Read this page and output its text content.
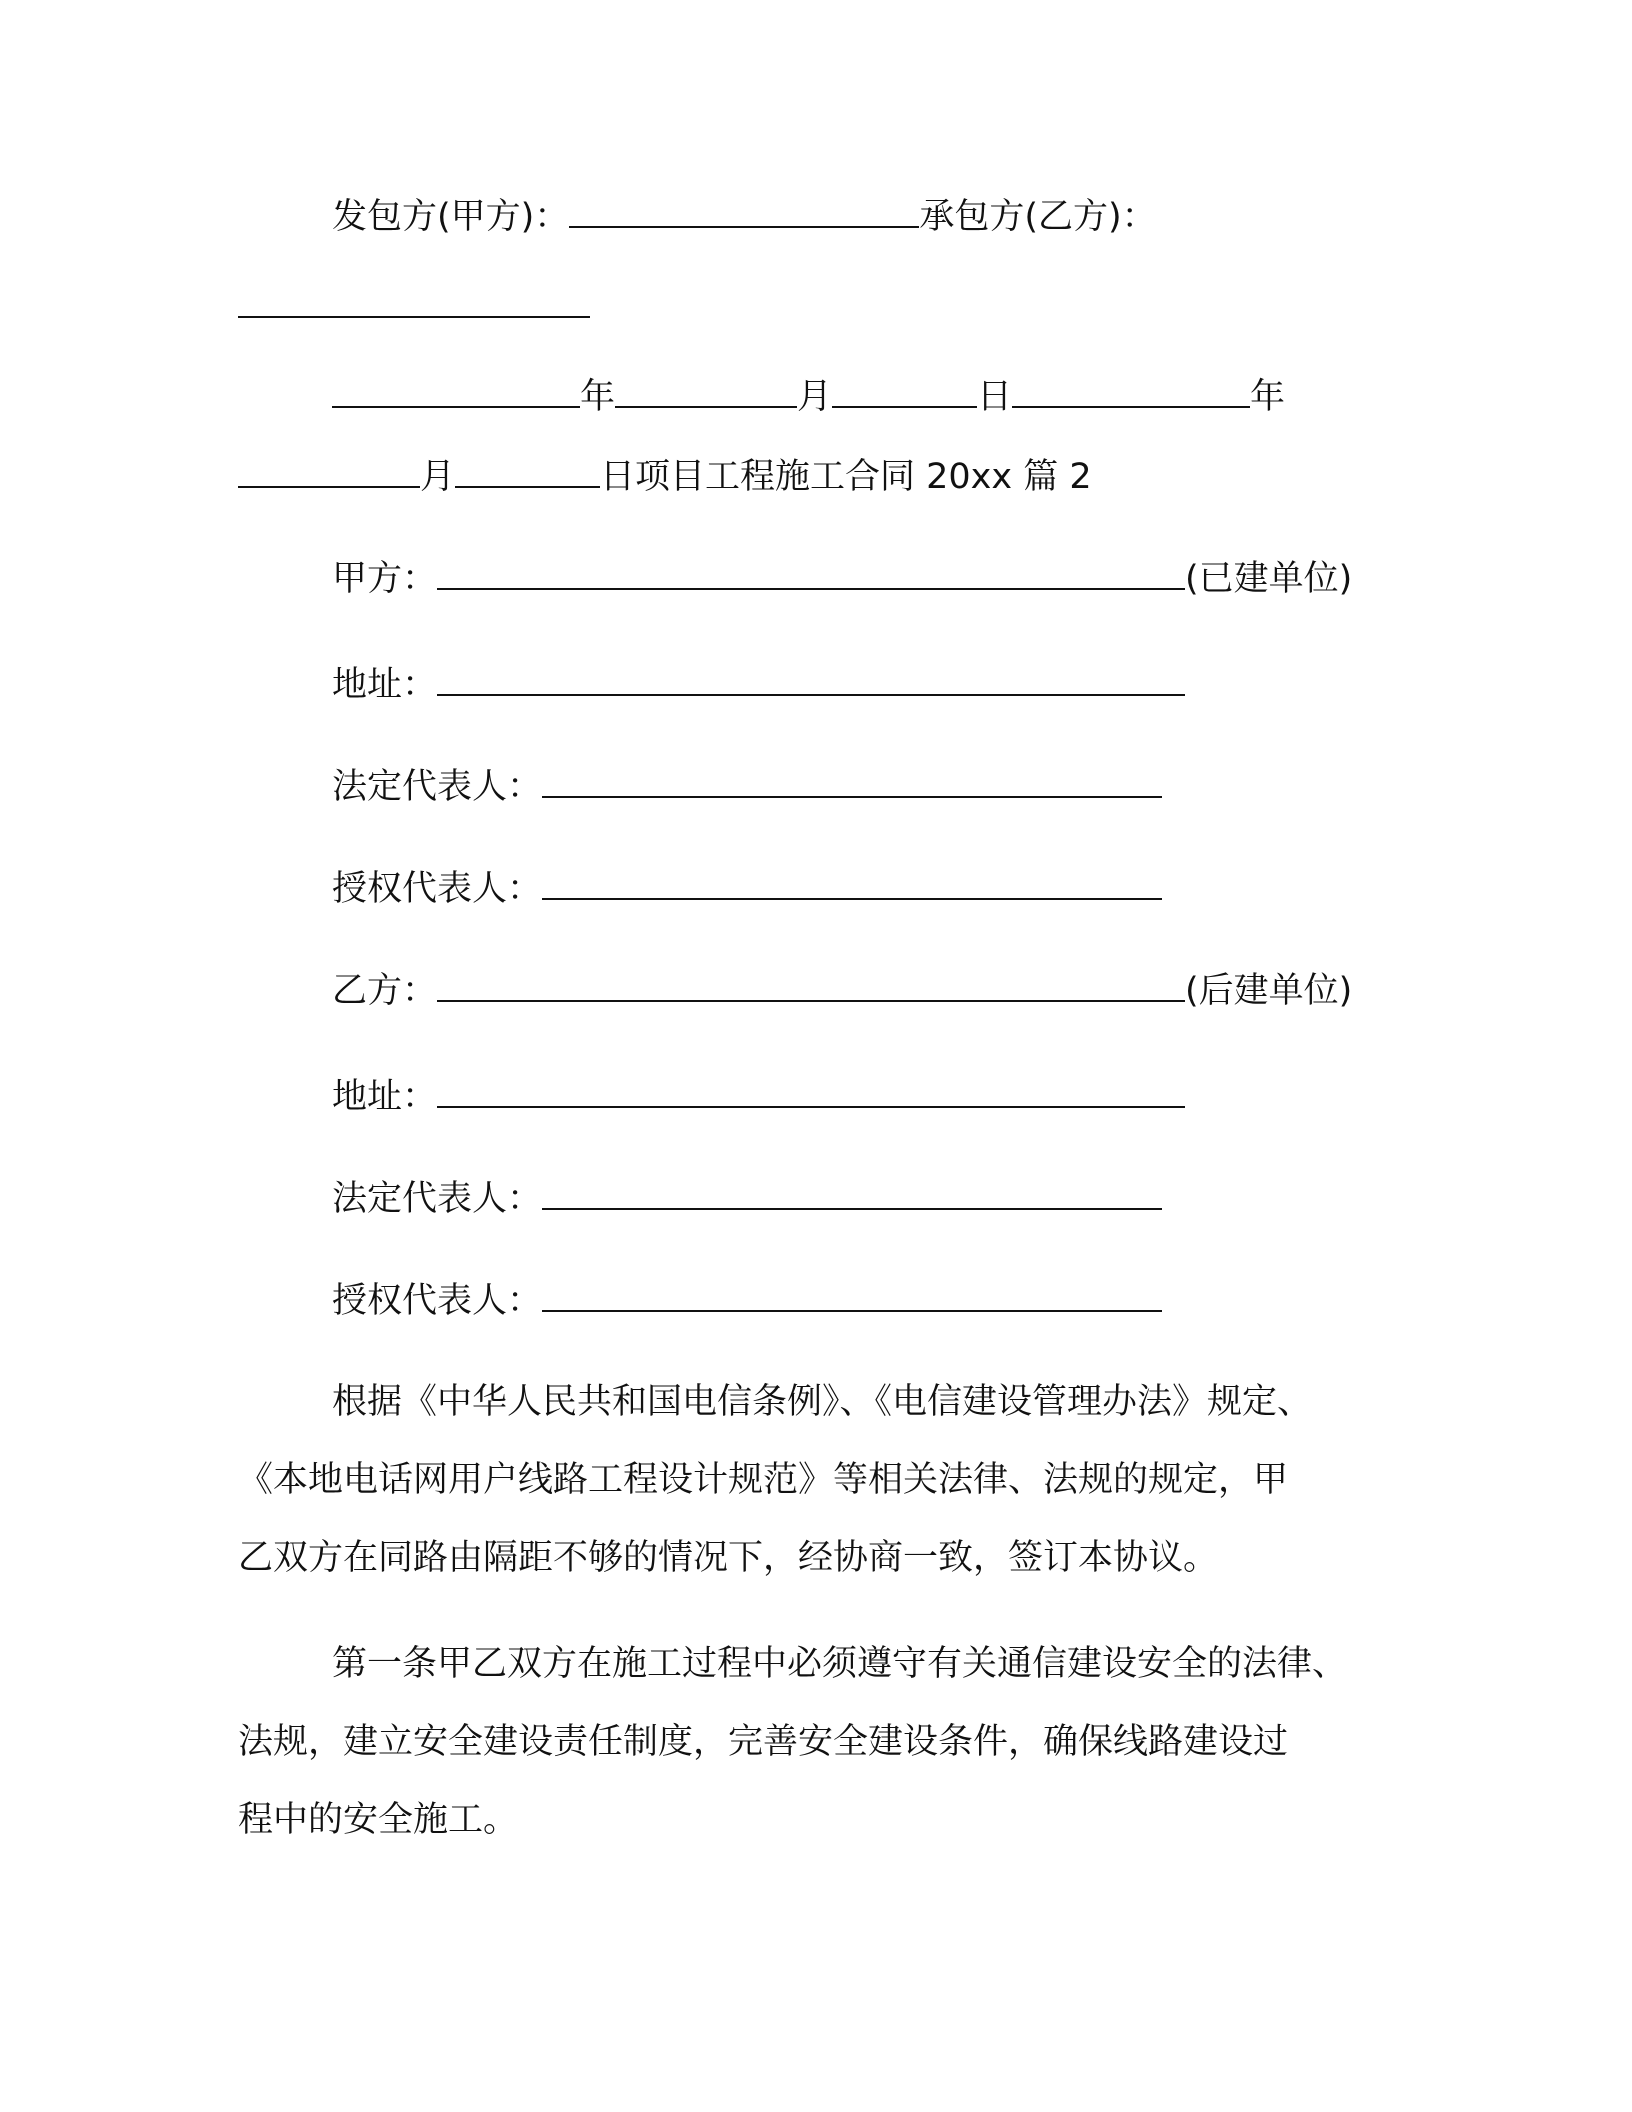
发包方(甲方)：	承包方(乙方)：
年	月	日	年
月	日项目工程施工合同 20xx 篇 2
甲方：	(已建单位)
地址：
法定代表人：
授权代表人：
乙方：	(后建单位)
地址：
法定代表人：
授权代表人：
根据《中华人民共和国电信条例》、《电信建设管理办法》规定、
《本地电话网用户线路工程设计规范》等相关法律、法规的规定，甲
乙双方在同路由隔距不够的情况下，经协商一致，签订本协议。
第一条甲乙双方在施工过程中必须遵守有关通信建设安全的法律、
法规，建立安全建设责任制度，完善安全建设条件，确保线路建设过
程中的安全施工。
